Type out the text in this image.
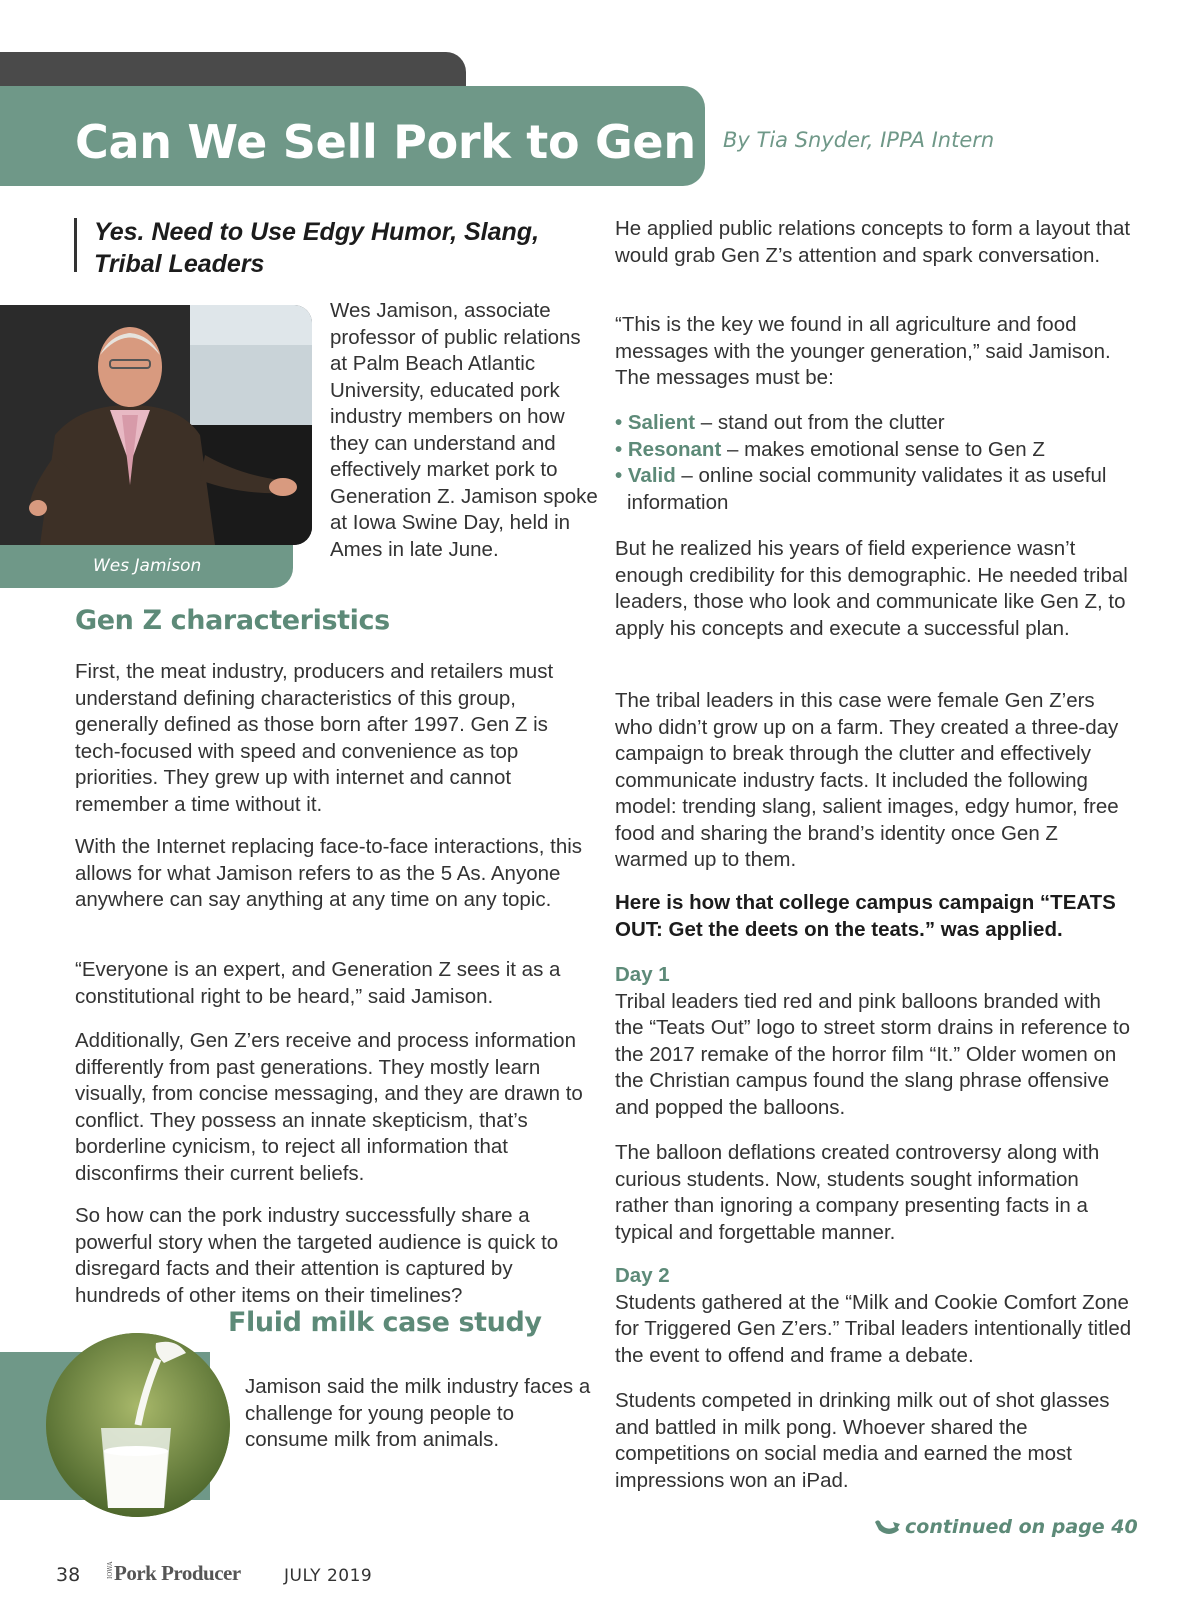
Can We Sell Pork to Gen Z?
By Tia Snyder, IPPA Intern
Yes. Need to Use Edgy Humor, Slang,
Tribal Leaders
Wes Jamison

Wes Jamison, associate professor of public relations at Palm Beach Atlantic University, educated pork industry members on how they can understand and effectively market pork to Generation Z. Jamison spoke at Iowa Swine Day, held in Ames in late June.

Gen Z characteristics

First, the meat industry, producers and retailers must understand defining characteristics of this group, generally defined as those born after 1997. Gen Z is tech-focused with speed and convenience as top priorities. They grew up with internet and cannot remember a time without it.

With the Internet replacing face-to-face interactions, this allows for what Jamison refers to as the 5 As. Anyone anywhere can say anything at any time on any topic.

“Everyone is an expert, and Generation Z sees it as a constitutional right to be heard,” said Jamison.

Additionally, Gen Z’ers receive and process information differently from past generations. They mostly learn visually, from concise messaging, and they are drawn to conflict. They possess an innate skepticism, that’s borderline cynicism, to reject all information that disconfirms their current beliefs.

So how can the pork industry successfully share a powerful story when the targeted audience is quick to disregard facts and their attention is captured by hundreds of other items on their timelines?

Fluid milk case study

Jamison said the milk industry faces a challenge for young people to consume milk from animals.

He applied public relations concepts to form a layout that would grab Gen Z’s attention and spark conversation.

“This is the key we found in all agriculture and food messages with the younger generation,” said Jamison. The messages must be:

• Salient – stand out from the clutter
• Resonant – makes emotional sense to Gen Z
• Valid – online social community validates it as useful information

But he realized his years of field experience wasn’t enough credibility for this demographic. He needed tribal leaders, those who look and communicate like Gen Z, to apply his concepts and execute a successful plan.

The tribal leaders in this case were female Gen Z’ers who didn’t grow up on a farm. They created a three-day campaign to break through the clutter and effectively communicate industry facts. It included the following model: trending slang, salient images, edgy humor, free food and sharing the brand’s identity once Gen Z warmed up to them.

Here is how that college campus campaign “TEATS OUT: Get the deets on the teats.” was applied.

Day 1
Tribal leaders tied red and pink balloons branded with the “Teats Out” logo to street storm drains in reference to the 2017 remake of the horror film “It.” Older women on the Christian campus found the slang phrase offensive and popped the balloons.

The balloon deflations created controversy along with curious students. Now, students sought information rather than ignoring a company presenting facts in a typical and forgettable manner.

Day 2
Students gathered at the “Milk and Cookie Comfort Zone for Triggered Gen Z’ers.” Tribal leaders intentionally titled the event to offend and frame a debate.

Students competed in drinking milk out of shot glasses and battled in milk pong. Whoever shared the competitions on social media and earned the most impressions won an iPad.

continued on page 40
38	IOWA Pork Producer	JULY 2019
